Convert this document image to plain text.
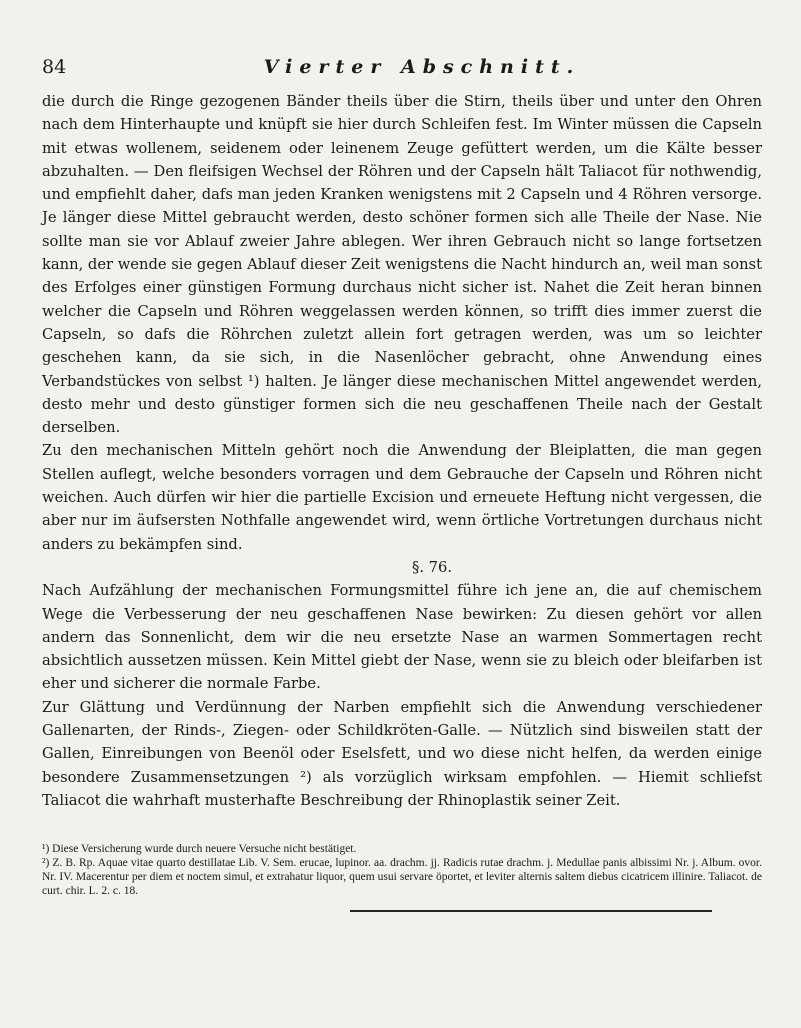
84	Vierter Abschnitt.

die durch die Ringe gezogenen Bänder theils über die Stirn, theils über und unter den Ohren nach dem Hinterhaupte und knüpft sie hier durch Schleifen fest. Im Winter müssen die Capseln mit etwas wollenem, seidenem oder leinenem Zeuge gefüttert werden, um die Kälte besser abzuhalten. — Den fleifsigen Wechsel der Röhren und der Capseln hält Taliacot für nothwendig, und empfiehlt daher, dafs man jeden Kranken wenigstens mit 2 Capseln und 4 Röhren versorge. Je länger diese Mittel gebraucht werden, desto schöner formen sich alle Theile der Nase. Nie sollte man sie vor Ablauf zweier Jahre ablegen. Wer ihren Gebrauch nicht so lange fortsetzen kann, der wende sie gegen Ablauf dieser Zeit wenigstens die Nacht hindurch an, weil man sonst des Erfolges einer günstigen Formung durchaus nicht sicher ist. Nahet die Zeit heran binnen welcher die Capseln und Röhren weggelassen werden können, so trifft dies immer zuerst die Capseln, so dafs die Röhrchen zuletzt allein fort getragen werden, was um so leichter geschehen kann, da sie sich, in die Nasenlöcher gebracht, ohne Anwendung eines Verbandstückes von selbst ¹) halten. Je länger diese mechanischen Mittel angewendet werden, desto mehr und desto günstiger formen sich die neu geschaffenen Theile nach der Gestalt derselben.

Zu den mechanischen Mitteln gehört noch die Anwendung der Bleiplatten, die man gegen Stellen auflegt, welche besonders vorragen und dem Gebrauche der Capseln und Röhren nicht weichen. Auch dürfen wir hier die partielle Excision und erneuete Heftung nicht vergessen, die aber nur im äufsersten Nothfalle angewendet wird, wenn örtliche Vortretungen durchaus nicht anders zu bekämpfen sind.

§. 76.

Nach Aufzählung der mechanischen Formungsmittel führe ich jene an, die auf chemischem Wege die Verbesserung der neu geschaffenen Nase bewirken: Zu diesen gehört vor allen andern das Sonnenlicht, dem wir die neu ersetzte Nase an warmen Sommertagen recht absichtlich aussetzen müssen. Kein Mittel giebt der Nase, wenn sie zu bleich oder bleifarben ist eher und sicherer die normale Farbe.

Zur Glättung und Verdünnung der Narben empfiehlt sich die Anwendung verschiedener Gallenarten, der Rinds-, Ziegen- oder Schildkröten-Galle. — Nützlich sind bisweilen statt der Gallen, Einreibungen von Beenöl oder Eselsfett, und wo diese nicht helfen, da werden einige besondere Zusammensetzungen ²) als vorzüglich wirksam empfohlen. — Hiemit schliefst Taliacot die wahrhaft musterhafte Beschreibung der Rhinoplastik seiner Zeit.

¹) Diese Versicherung wurde durch neuere Versuche nicht bestätiget.

²) Z. B. Rp. Aquae vitae quarto destillatae Lib. V. Sem. erucae, lupinor. aa. drachm. jj. Radicis rutae drachm. j. Medullae panis albissimi Nr. j. Album. ovor. Nr. IV. Macerentur per diem et noctem simul, et extrahatur liquor, quem usui servare öportet, et leviter alternis saltem diebus cicatricem illinire. Taliacot. de curt. chir. L. 2. c. 18.
